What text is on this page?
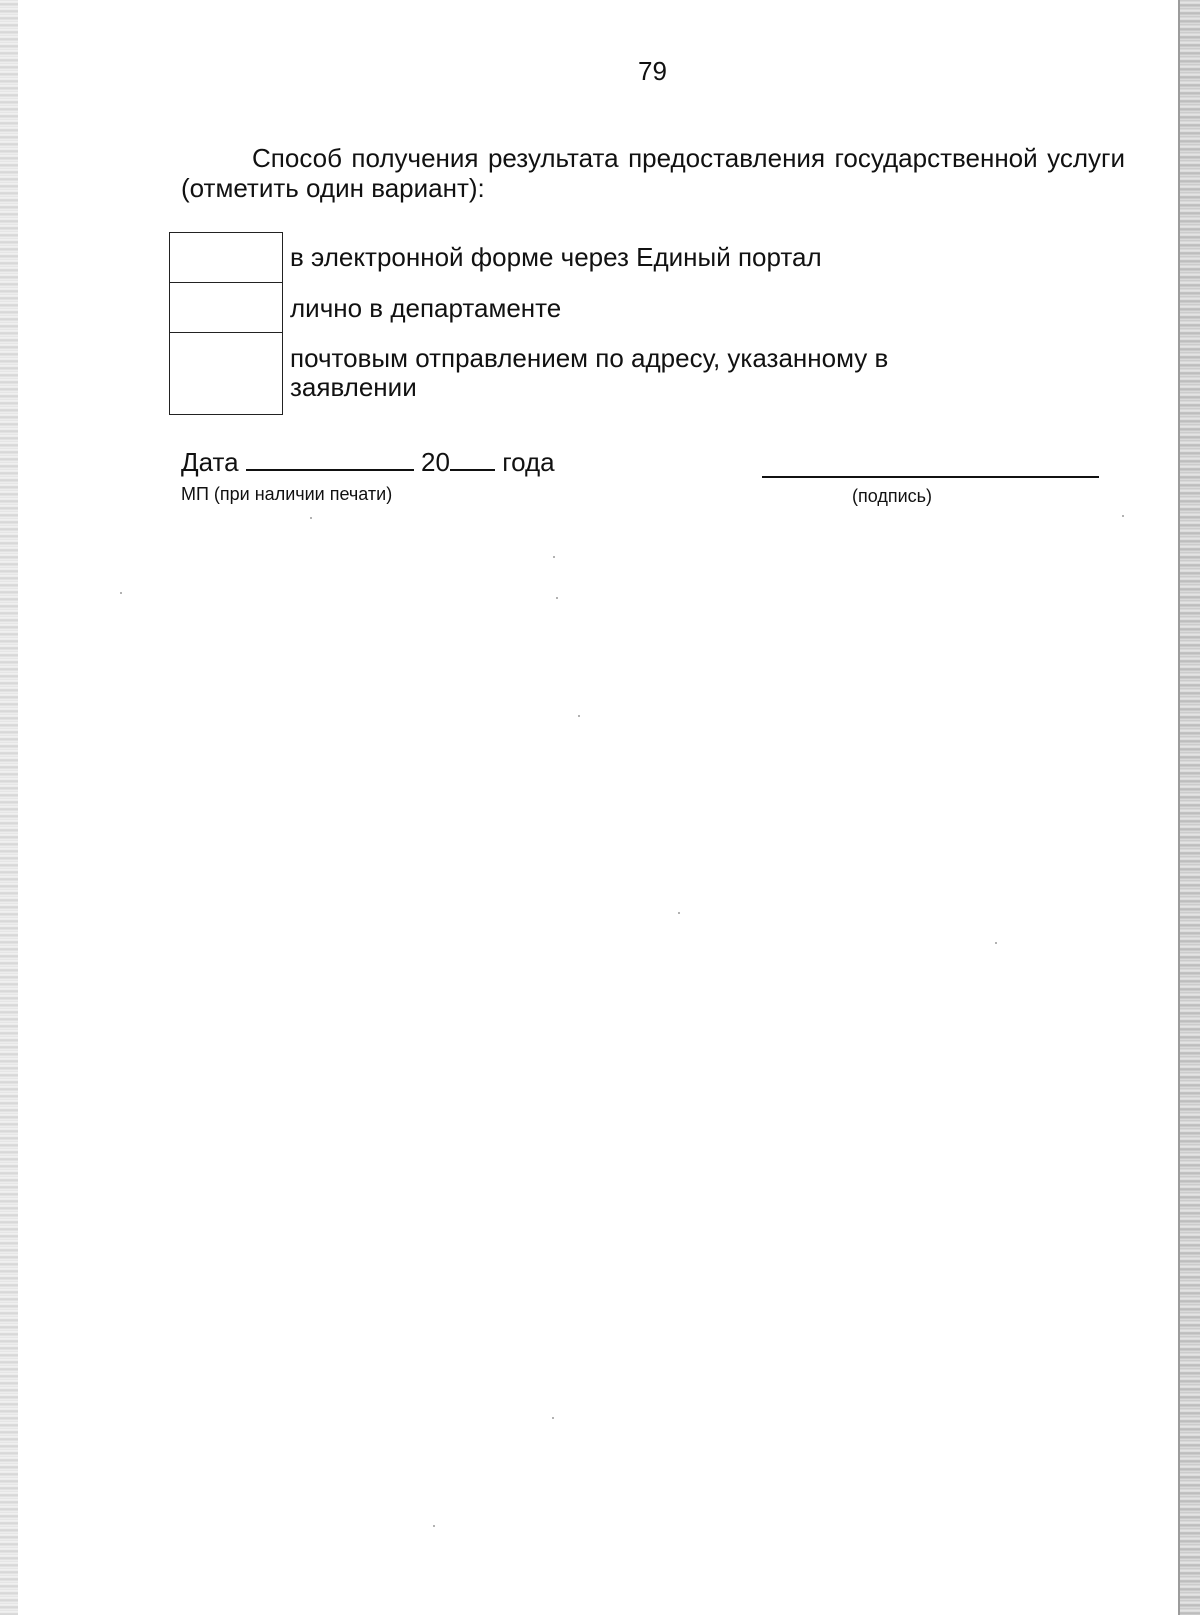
79
Способ получения результата предоставления государственной услуги (отметить один вариант):
в электронной форме через Единый портал
лично в департаменте
почтовым отправлением по адресу, указанному в заявлении
Дата	20 года
МП (при наличии печати)	(подпись)
